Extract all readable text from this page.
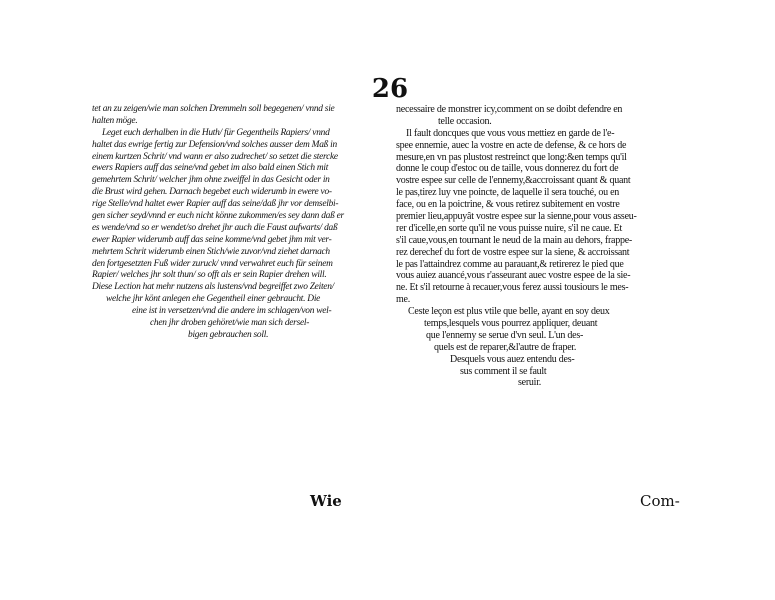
26
tet an zu zeigen/wie man solchen Dremmeln soll begegenen/ vnnd sie
halten möge.
Leget euch derhalben in die Huth/ für Gegentheils Rapiers/ vnnd
haltet das ewrige fertig zur Defension/vnd solches ausser dem Maß in
einem kurtzen Schrit/ vnd wann er also zudrechet/ so setzet die stercke
ewers Rapiers auff das seine/vnd gebet im also bald einen Stich mit
gemehrtem Schrit/ welcher jhm ohne zweiffel in das Gesicht oder in
die Brust wird gehen. Darnach begebet euch widerumb in ewere vo-
rige Stelle/vnd haltet ewer Rapier auff das seine/daß jhr vor demselbi-
gen sicher seyd/vnnd er euch nicht könne zukommen/es sey dann daß er
es wende/vnd so er wendet/so drehet jhr auch die Faust aufwarts/ daß
ewer Rapier widerumb auff das seine komme/vnd gebet jhm mit ver-
mehrtem Schrit widerumb einen Stich/wie zuvor/vnd ziehet darnach
den fortgesetzten Fuß wider zuruck/ vnnd verwahret euch für seinem
Rapier/ welches jhr solt thun/ so offt als er sein Rapier drehen will.
Diese Lection hat mehr nutzens als lustens/vnd begreiffet zwo Zeiten/
welche jhr könt anlegen ehe Gegentheil einer gebraucht. Die
eine ist in versetzen/vnd die andere im schlagen/von wel-
chen jhr droben gehöret/wie man sich dersel-
bigen gebrauchen soll.
necessaire de monstrer icy,comment on se doibt defendre en
telle occasion.
Il fault doncques que vous vous mettiez en garde de l'e-
spee ennemie, auec la vostre en acte de defense, & ce hors de
mesure,en vn pas plustost restreinct que long:&en temps qu'il
donne le coup d'estoc ou de taille, vous donnerez du fort de
vostre espee sur celle de l'ennemy,&accroissant quant & quant
le pas,tirez luy vne poincte, de laquelle il sera touché, ou en
face, ou en la poictrine, & vous retirez subitement en vostre
premier lieu,appuyât vostre espee sur la sienne,pour vous asseu-
rer d'icelle,en sorte qu'il ne vous puisse nuire, s'il ne caue. Et
s'il caue,vous,en tournant le neud de la main au dehors, frappe-
rez derechef du fort de vostre espee sur la siene, & accroissant
le pas l'attaindrez comme au parauant,& retirerez le pied que
vous auiez auancé,vous r'asseurant auec vostre espee de la sie-
ne. Et s'il retourne à recauer,vous ferez aussi tousiours le mes-
me.
Ceste leçon est plus vtile que belle, ayant en soy deux
temps,lesquels vous pourrez appliquer, deuant
que l'ennemy se serue d'vn seul. L'un des-
quels est de reparer,&l'autre de fraper.
Desquels vous auez entendu des-
sus comment il se fault
seruir.
Wie	Com-
